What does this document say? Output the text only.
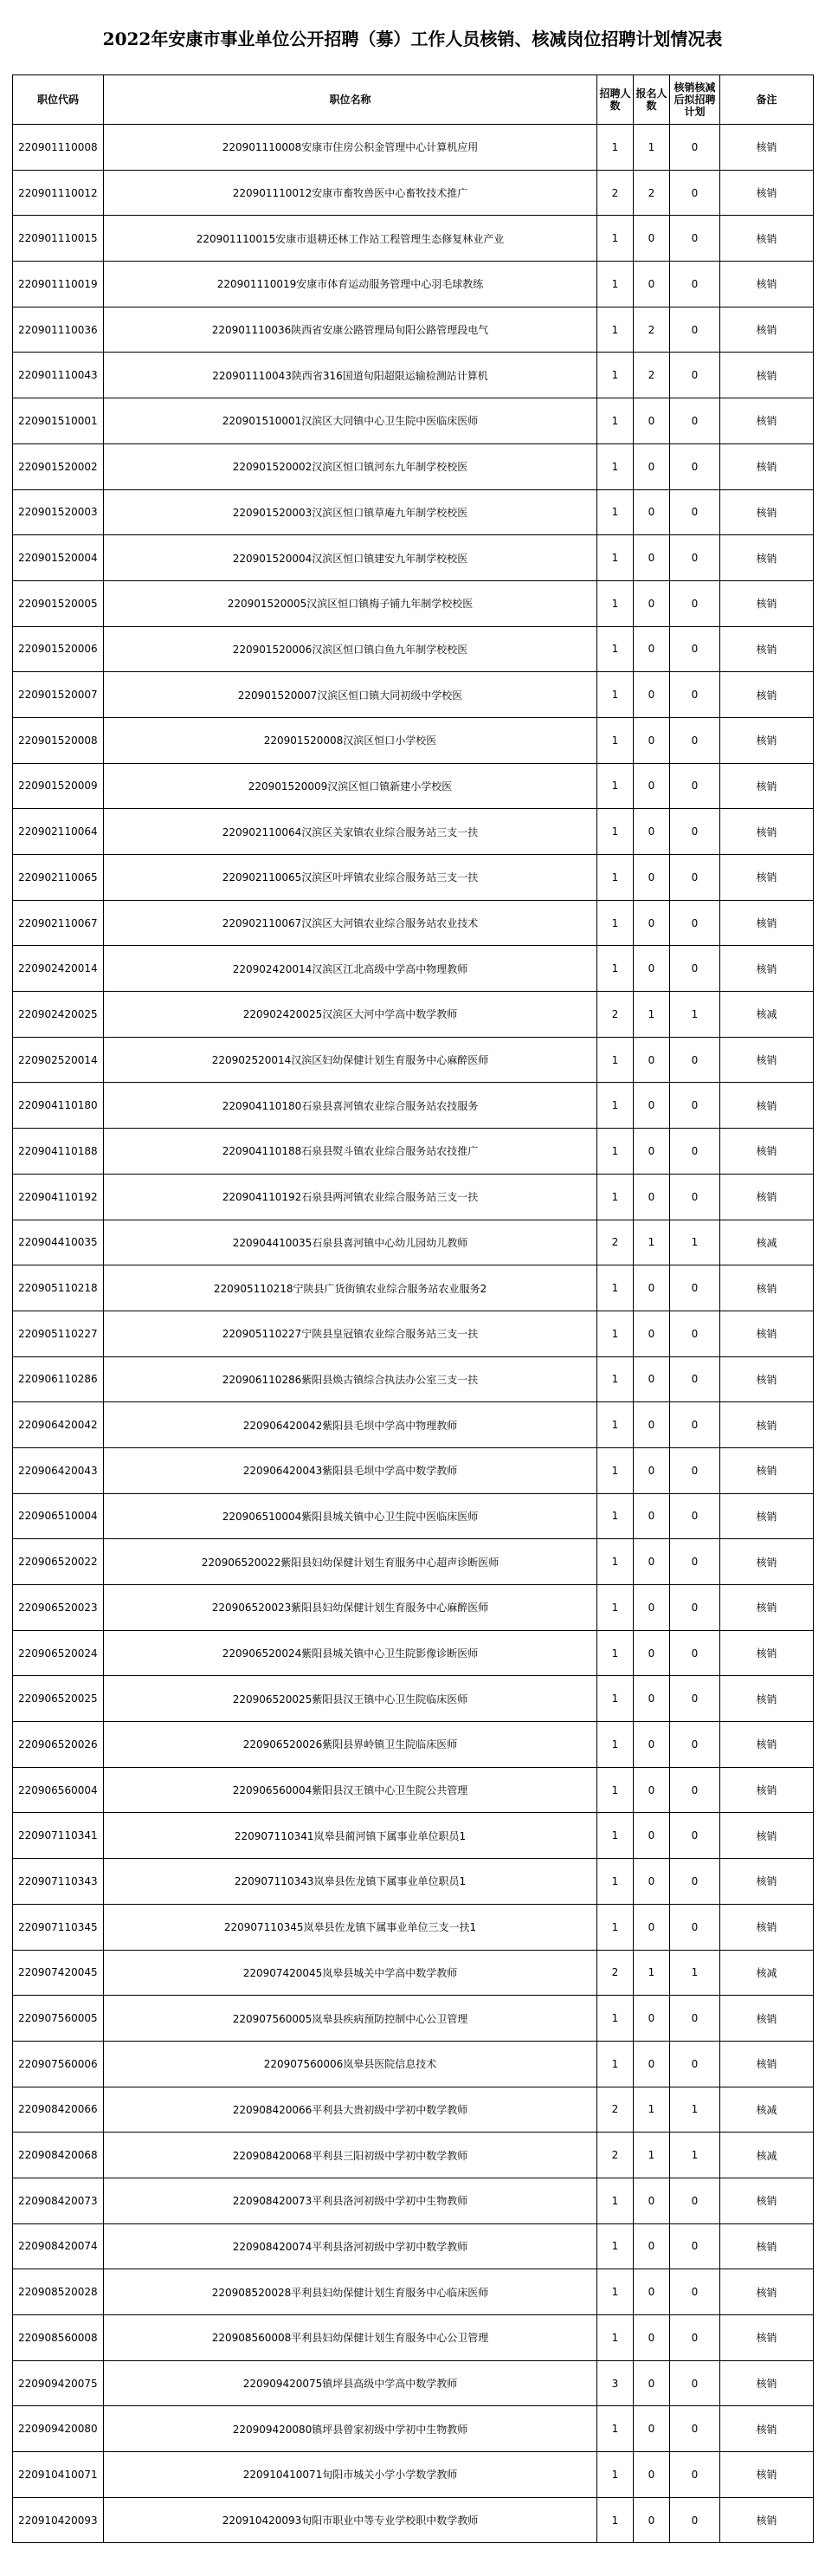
2022年安康市事业单位公开招聘（募）工作人员核销、核减岗位招聘计划情况表
职位代码	职位名称	招聘人数	报名人数	核销核减后拟招聘计划	备注
220901110008	220901110008安康市住房公积金管理中心计算机应用	1	1	0	核销
220901110012	220901110012安康市畜牧兽医中心畜牧技术推广	2	2	0	核销
220901110015	220901110015安康市退耕还林工作站工程管理生态修复林业产业	1	0	0	核销
220901110019	220901110019安康市体育运动服务管理中心羽毛球教练	1	0	0	核销
220901110036	220901110036陕西省安康公路管理局旬阳公路管理段电气	1	2	0	核销
220901110043	220901110043陕西省316国道旬阳超限运输检测站计算机	1	2	0	核销
220901510001	220901510001汉滨区大同镇中心卫生院中医临床医师	1	0	0	核销
220901520002	220901520002汉滨区恒口镇河东九年制学校校医	1	0	0	核销
220901520003	220901520003汉滨区恒口镇草庵九年制学校校医	1	0	0	核销
220901520004	220901520004汉滨区恒口镇建安九年制学校校医	1	0	0	核销
220901520005	220901520005汉滨区恒口镇梅子铺九年制学校校医	1	0	0	核销
220901520006	220901520006汉滨区恒口镇白鱼九年制学校校医	1	0	0	核销
220901520007	220901520007汉滨区恒口镇大同初级中学校医	1	0	0	核销
220901520008	220901520008汉滨区恒口小学校医	1	0	0	核销
220901520009	220901520009汉滨区恒口镇新建小学校医	1	0	0	核销
220902110064	220902110064汉滨区关家镇农业综合服务站三支一扶	1	0	0	核销
220902110065	220902110065汉滨区叶坪镇农业综合服务站三支一扶	1	0	0	核销
220902110067	220902110067汉滨区大河镇农业综合服务站农业技术	1	0	0	核销
220902420014	220902420014汉滨区江北高级中学高中物理教师	1	0	0	核销
220902420025	220902420025汉滨区大河中学高中数学教师	2	1	1	核减
220902520014	220902520014汉滨区妇幼保健计划生育服务中心麻醉医师	1	0	0	核销
220904110180	220904110180石泉县喜河镇农业综合服务站农技服务	1	0	0	核销
220904110188	220904110188石泉县熨斗镇农业综合服务站农技推广	1	0	0	核销
220904110192	220904110192石泉县两河镇农业综合服务站三支一扶	1	0	0	核销
220904410035	220904410035石泉县喜河镇中心幼儿园幼儿教师	2	1	1	核减
220905110218	220905110218宁陕县广货街镇农业综合服务站农业服务2	1	0	0	核销
220905110227	220905110227宁陕县皇冠镇农业综合服务站三支一扶	1	0	0	核销
220906110286	220906110286紫阳县焕古镇综合执法办公室三支一扶	1	0	0	核销
220906420042	220906420042紫阳县毛坝中学高中物理教师	1	0	0	核销
220906420043	220906420043紫阳县毛坝中学高中数学教师	1	0	0	核销
220906510004	220906510004紫阳县城关镇中心卫生院中医临床医师	1	0	0	核销
220906520022	220906520022紫阳县妇幼保健计划生育服务中心超声诊断医师	1	0	0	核销
220906520023	220906520023紫阳县妇幼保健计划生育服务中心麻醉医师	1	0	0	核销
220906520024	220906520024紫阳县城关镇中心卫生院影像诊断医师	1	0	0	核销
220906520025	220906520025紫阳县汉王镇中心卫生院临床医师	1	0	0	核销
220906520026	220906520026紫阳县界岭镇卫生院临床医师	1	0	0	核销
220906560004	220906560004紫阳县汉王镇中心卫生院公共管理	1	0	0	核销
220907110341	220907110341岚皋县蔺河镇下属事业单位职员1	1	0	0	核销
220907110343	220907110343岚皋县佐龙镇下属事业单位职员1	1	0	0	核销
220907110345	220907110345岚皋县佐龙镇下属事业单位三支一扶1	1	0	0	核销
220907420045	220907420045岚皋县城关中学高中数学教师	2	1	1	核减
220907560005	220907560005岚皋县疾病预防控制中心公卫管理	1	0	0	核销
220907560006	220907560006岚皋县医院信息技术	1	0	0	核销
220908420066	220908420066平利县大贵初级中学初中数学教师	2	1	1	核减
220908420068	220908420068平利县三阳初级中学初中数学教师	2	1	1	核减
220908420073	220908420073平利县洛河初级中学初中生物教师	1	0	0	核销
220908420074	220908420074平利县洛河初级中学初中数学教师	1	0	0	核销
220908520028	220908520028平利县妇幼保健计划生育服务中心临床医师	1	0	0	核销
220908560008	220908560008平利县妇幼保健计划生育服务中心公卫管理	1	0	0	核销
220909420075	220909420075镇坪县高级中学高中数学教师	3	0	0	核销
220909420080	220909420080镇坪县曾家初级中学初中生物教师	1	0	0	核销
220910410071	220910410071旬阳市城关小学小学数学教师	1	0	0	核销
220910420093	220910420093旬阳市职业中等专业学校职中数学教师	1	0	0	核销
